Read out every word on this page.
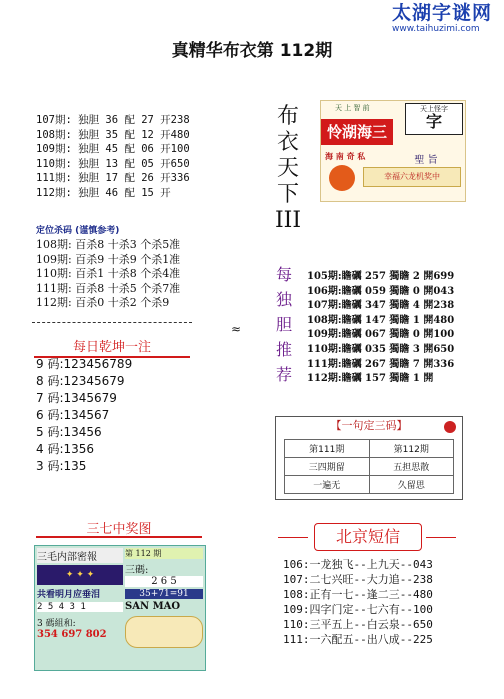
太湖字谜网
www.taihuzimi.com
真精华布衣第 112期
107期: 独胆 36 配 27 开238
108期: 独胆 35 配 12 开480
109期: 独胆 45 配 06 开100
110期: 独胆 13 配 05 开650
111期: 独胆 17 配 26 开336
112期: 独胆 46 配 15 开
定位杀码 (谨慎参考)
108期: 百杀8 十杀3 个杀5准
109期: 百杀9 十杀9 个杀1准
110期: 百杀1 十杀8 个杀4准
111期: 百杀8 十杀5 个杀7准
112期: 百杀0 十杀2 个杀9
每日乾坤一注
9 码:123456789
8 码:12345679
7 码:1345679
6 码:134567
5 码:13456
4 码:1356
3 码:135
布
衣
天
下
III
天 上 智 前
怜湖海三
天上怪字
字
海 南 奇 私	聖 旨
幸福六龙机奖中
≈
每
独
胆
推
荐
105期:瞻礪 257 獨瞻 2 開699
106期:瞻礪 059 獨瞻 0 開043
107期:瞻礪 347 獨瞻 4 開238
108期:瞻礪 147 獨瞻 1 開480
109期:瞻礪 067 獨瞻 0 開100
110期:瞻礪 035 獨瞻 3 開650
111期:瞻礪 267 獨瞻 7 開336
112期:瞻礪 157 獨瞻 1 開
【一句定三码】
第111期	第112期
三四期留	五担思散
一遍无	久留思
三七中奖图
三毛内部密報
✦ ✦ ✦
共看明月应垂泪
2 5 4 3 1
3 碼組和:
354 697 802
第 112 期
三碼:
2 6 5
35+71=91
SAN MAO
北京短信
106:一龙独飞--上九天--043
107:二七兴旺--大力追--238
108:正有一七--逢二三--480
109:四字门定--七六有--100
110:三平五上--白云泉--650
111:一六配五--出八成--225
